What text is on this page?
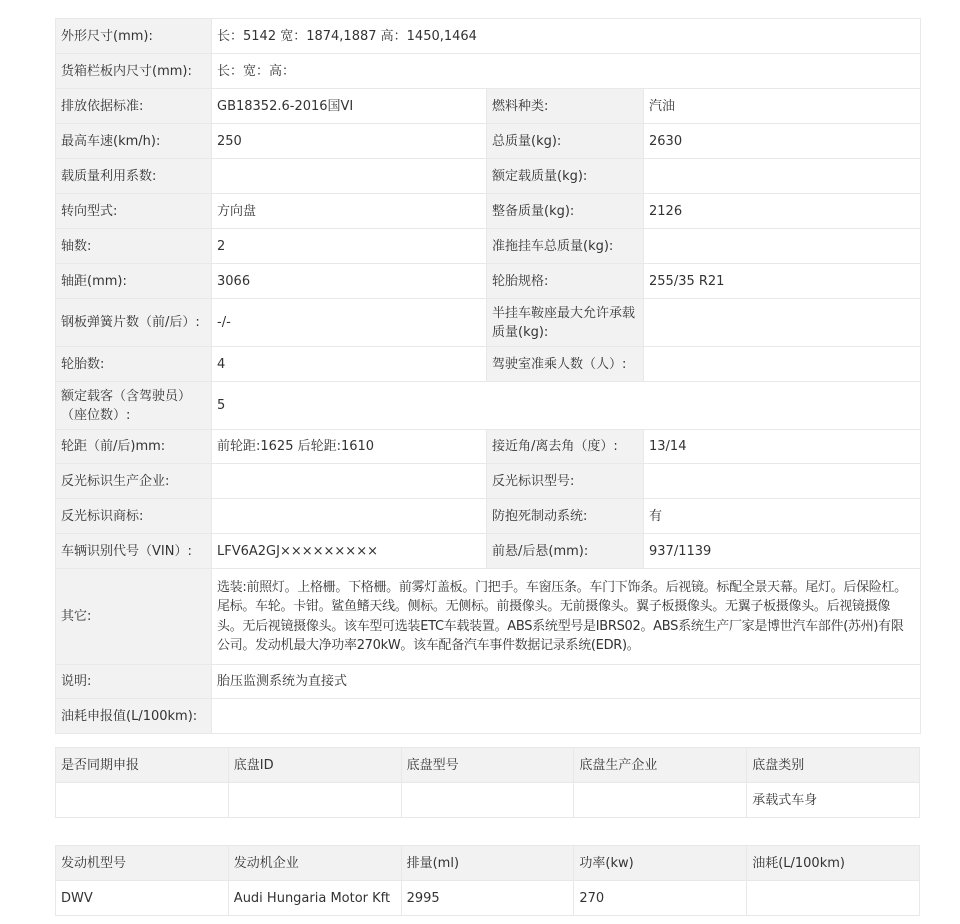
外形尺寸(mm):	长：5142 宽：1874,1887 高：1450,1464		
货箱栏板内尺寸(mm):	长：宽：高：		
排放依据标准:	GB18352.6-2016国VI	燃料种类:	汽油
最高车速(km/h):	250	总质量(kg):	2630
载质量利用系数:		额定载质量(kg):	
转向型式:	方向盘	整备质量(kg):	2126
轴数:	2	准拖挂车总质量(kg):	
轴距(mm):	3066	轮胎规格:	255/35 R21
钢板弹簧片数（前/后）:	-/-	半挂车鞍座最大允许承载质量(kg):	
轮胎数:	4	驾驶室准乘人数（人）:	
额定载客（含驾驶员）（座位数）:	5		
轮距（前/后)mm:	前轮距:1625 后轮距:1610	接近角/离去角（度）:	13/14
反光标识生产企业:		反光标识型号:	
反光标识商标:		防抱死制动系统:	有
车辆识别代号（VIN）:	LFV6A2GJ×××××××××	前悬/后悬(mm):	937/1139
其它:	选装:前照灯。上格栅。下格栅。前雾灯盖板。门把手。车窗压条。车门下饰条。后视镜。标配全景天幕。尾灯。后保险杠。尾标。车轮。卡钳。鲨鱼鳍天线。侧标。无侧标。前摄像头。无前摄像头。翼子板摄像头。无翼子板摄像头。后视镜摄像头。无后视镜摄像头。该车型可选装ETC车载装置。ABS系统型号是IBRS02。ABS系统生产厂家是博世汽车部件(苏州)有限公司。发动机最大净功率270kW。该车配备汽车事件数据记录系统(EDR)。		
说明:	胎压监测系统为直接式		
油耗申报值(L/100km):			
是否同期申报	底盘ID	底盘型号	底盘生产企业	底盘类别
				承载式车身
发动机型号	发动机企业	排量(ml)	功率(kw)	油耗(L/100km)
DWV	Audi Hungaria Motor Kft	2995	270	
